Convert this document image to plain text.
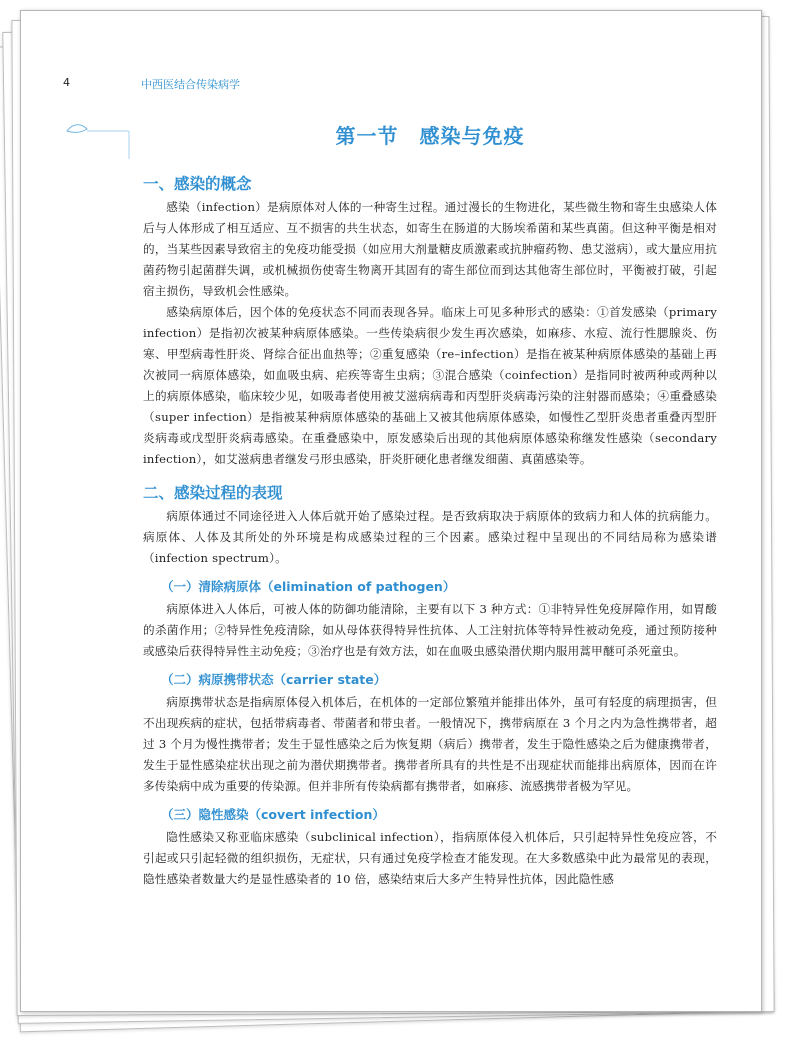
4	中西医结合传染病学
第一节　感染与免疫
一、感染的概念

感染（infection）是病原体对人体的一种寄生过程。通过漫长的生物进化，某些微生物和寄生虫感染人体后与人体形成了相互适应、互不损害的共生状态，如寄生在肠道的大肠埃希菌和某些真菌。但这种平衡是相对的，当某些因素导致宿主的免疫功能受损（如应用大剂量糖皮质激素或抗肿瘤药物、患艾滋病），或大量应用抗菌药物引起菌群失调，或机械损伤使寄生物离开其固有的寄生部位而到达其他寄生部位时，平衡被打破，引起宿主损伤，导致机会性感染。

感染病原体后，因个体的免疫状态不同而表现各异。临床上可见多种形式的感染：①首发感染（primary infection）是指初次被某种病原体感染。一些传染病很少发生再次感染，如麻疹、水痘、流行性腮腺炎、伤寒、甲型病毒性肝炎、肾综合征出血热等；②重复感染（re–infection）是指在被某种病原体感染的基础上再次被同一病原体感染，如血吸虫病、疟疾等寄生虫病；③混合感染（coinfection）是指同时被两种或两种以上的病原体感染，临床较少见，如吸毒者使用被艾滋病病毒和丙型肝炎病毒污染的注射器而感染；④重叠感染（super infection）是指被某种病原体感染的基础上又被其他病原体感染，如慢性乙型肝炎患者重叠丙型肝炎病毒或戊型肝炎病毒感染。在重叠感染中，原发感染后出现的其他病原体感染称继发性感染（secondary infection），如艾滋病患者继发弓形虫感染，肝炎肝硬化患者继发细菌、真菌感染等。

二、感染过程的表现

病原体通过不同途径进入人体后就开始了感染过程。是否致病取决于病原体的致病力和人体的抗病能力。病原体、人体及其所处的外环境是构成感染过程的三个因素。感染过程中呈现出的不同结局称为感染谱（infection spectrum）。

（一）清除病原体（elimination of pathogen）

病原体进入人体后，可被人体的防御功能清除，主要有以下 3 种方式：①非特异性免疫屏障作用，如胃酸的杀菌作用；②特异性免疫清除，如从母体获得特异性抗体、人工注射抗体等特异性被动免疫，通过预防接种或感染后获得特异性主动免疫；③治疗也是有效方法，如在血吸虫感染潜伏期内服用蒿甲醚可杀死童虫。

（二）病原携带状态（carrier state）

病原携带状态是指病原体侵入机体后，在机体的一定部位繁殖并能排出体外，虽可有轻度的病理损害，但不出现疾病的症状，包括带病毒者、带菌者和带虫者。一般情况下，携带病原在 3 个月之内为急性携带者，超过 3 个月为慢性携带者；发生于显性感染之后为恢复期（病后）携带者，发生于隐性感染之后为健康携带者，发生于显性感染症状出现之前为潜伏期携带者。携带者所具有的共性是不出现症状而能排出病原体，因而在许多传染病中成为重要的传染源。但并非所有传染病都有携带者，如麻疹、流感携带者极为罕见。

（三）隐性感染（covert infection）

隐性感染又称亚临床感染（subclinical infection），指病原体侵入机体后，只引起特异性免疫应答，不引起或只引起轻微的组织损伤，无症状，只有通过免疫学检查才能发现。在大多数感染中此为最常见的表现，隐性感染者数量大约是显性感染者的 10 倍，感染结束后大多产生特异性抗体，因此隐性感
